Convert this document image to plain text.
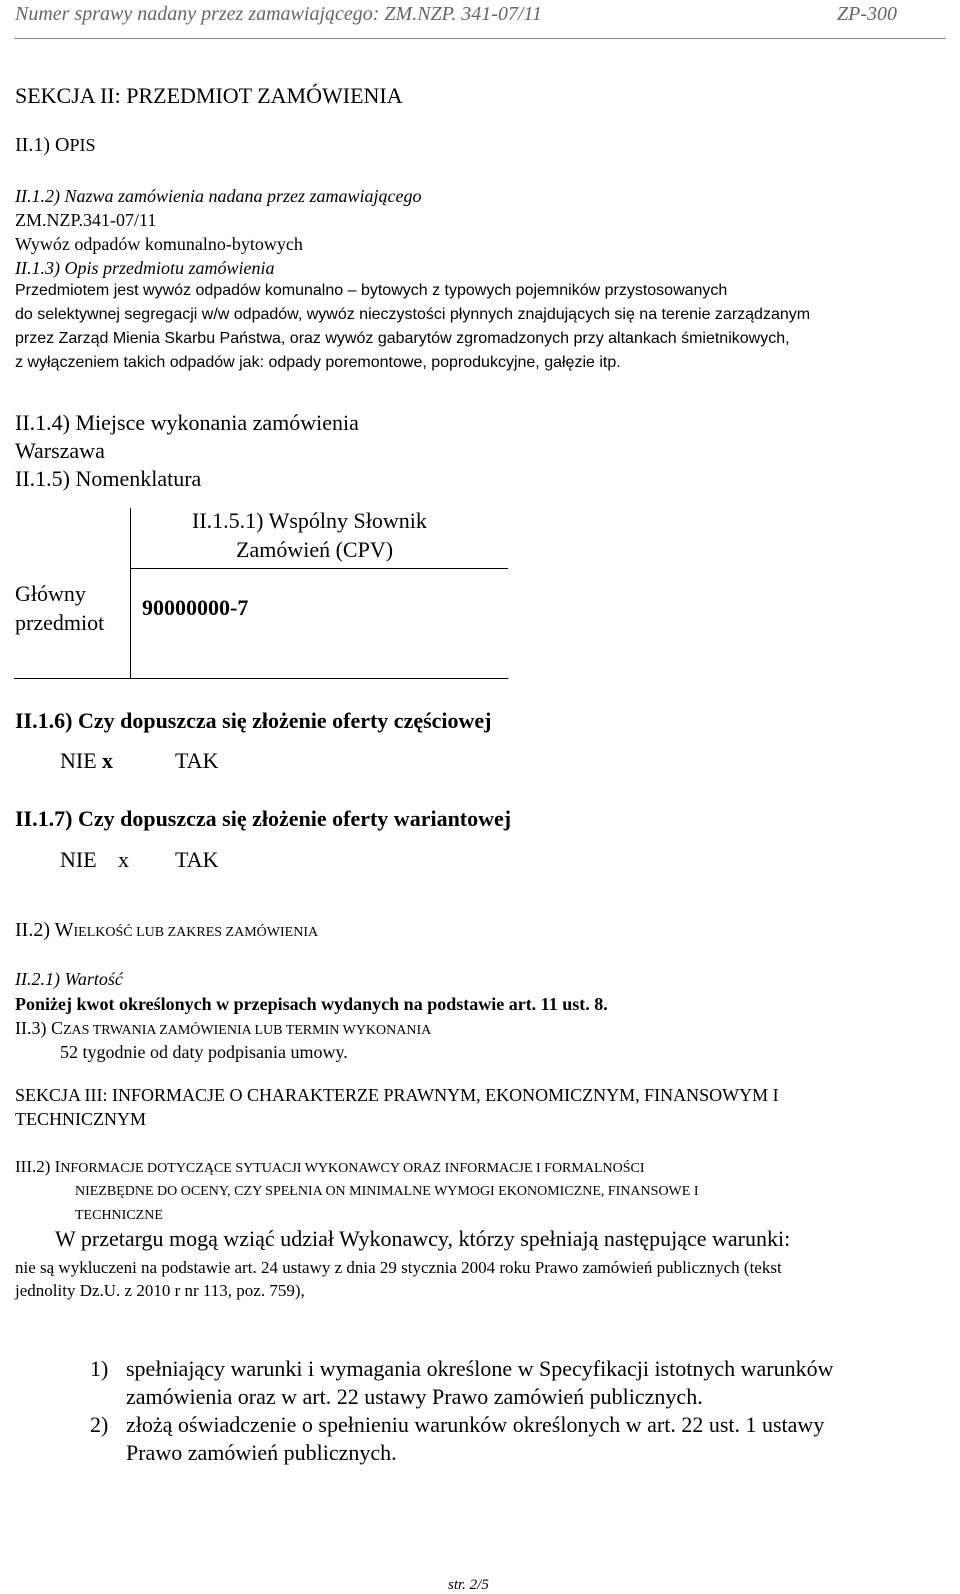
Numer sprawy nadany przez zamawiającego: ZM.NZP. 341-07/11	ZP-300
SEKCJA II: PRZEDMIOT ZAMÓWIENIA
II.1) OPIS
II.1.2) Nazwa zamówienia nadana przez zamawiającego
ZM.NZP.341-07/11
Wywóz odpadów komunalno-bytowych
II.1.3) Opis przedmiotu zamówienia
Przedmiotem jest wywóz odpadów komunalno – bytowych z typowych pojemników przystosowanych
do selektywnej segregacji w/w odpadów, wywóz nieczystości płynnych znajdujących się na terenie zarządzanym
przez Zarząd Mienia Skarbu Państwa, oraz wywóz gabarytów zgromadzonych przy altankach śmietnikowych,
z wyłączeniem takich odpadów jak: odpady poremontowe, poprodukcyjne, gałęzie itp.
II.1.4) Miejsce wykonania zamówienia
Warszawa
II.1.5) Nomenklatura
II.1.5.1) Wspólny Słownik
Zamówień (CPV)
Główny
przedmiot
90000000-7
II.1.6) Czy dopuszcza się złożenie oferty częściowej
NIE x	TAK
II.1.7) Czy dopuszcza się złożenie oferty wariantowej
NIE x TAK
II.2) WIELKOŚĆ LUB ZAKRES ZAMÓWIENIA
II.2.1) Wartość
Poniżej kwot określonych w przepisach wydanych na podstawie art. 11 ust. 8.
II.3) CZAS TRWANIA ZAMÓWIENIA LUB TERMIN WYKONANIA
52 tygodnie od daty podpisania umowy.
SEKCJA III: INFORMACJE O CHARAKTERZE PRAWNYM, EKONOMICZNYM, FINANSOWYM I
TECHNICZNYM
III.2) INFORMACJE DOTYCZĄCE SYTUACJI WYKONAWCY ORAZ INFORMACJE I FORMALNOŚCI
NIEZBĘDNE DO OCENY, CZY SPEŁNIA ON MINIMALNE WYMOGI EKONOMICZNE, FINANSOWE I
TECHNICZNE
W przetargu mogą wziąć udział Wykonawcy, którzy spełniają następujące warunki:
nie są wykluczeni na podstawie art. 24 ustawy z dnia 29 stycznia 2004 roku Prawo zamówień publicznych (tekst
jednolity Dz.U. z 2010 r nr 113, poz. 759),
1) spełniający warunki i wymagania określone w Specyfikacji istotnych warunków
zamówienia oraz w art. 22 ustawy Prawo zamówień publicznych.
2) złożą oświadczenie o spełnieniu warunków określonych w art. 22 ust. 1 ustawy
Prawo zamówień publicznych.
str. 2/5
